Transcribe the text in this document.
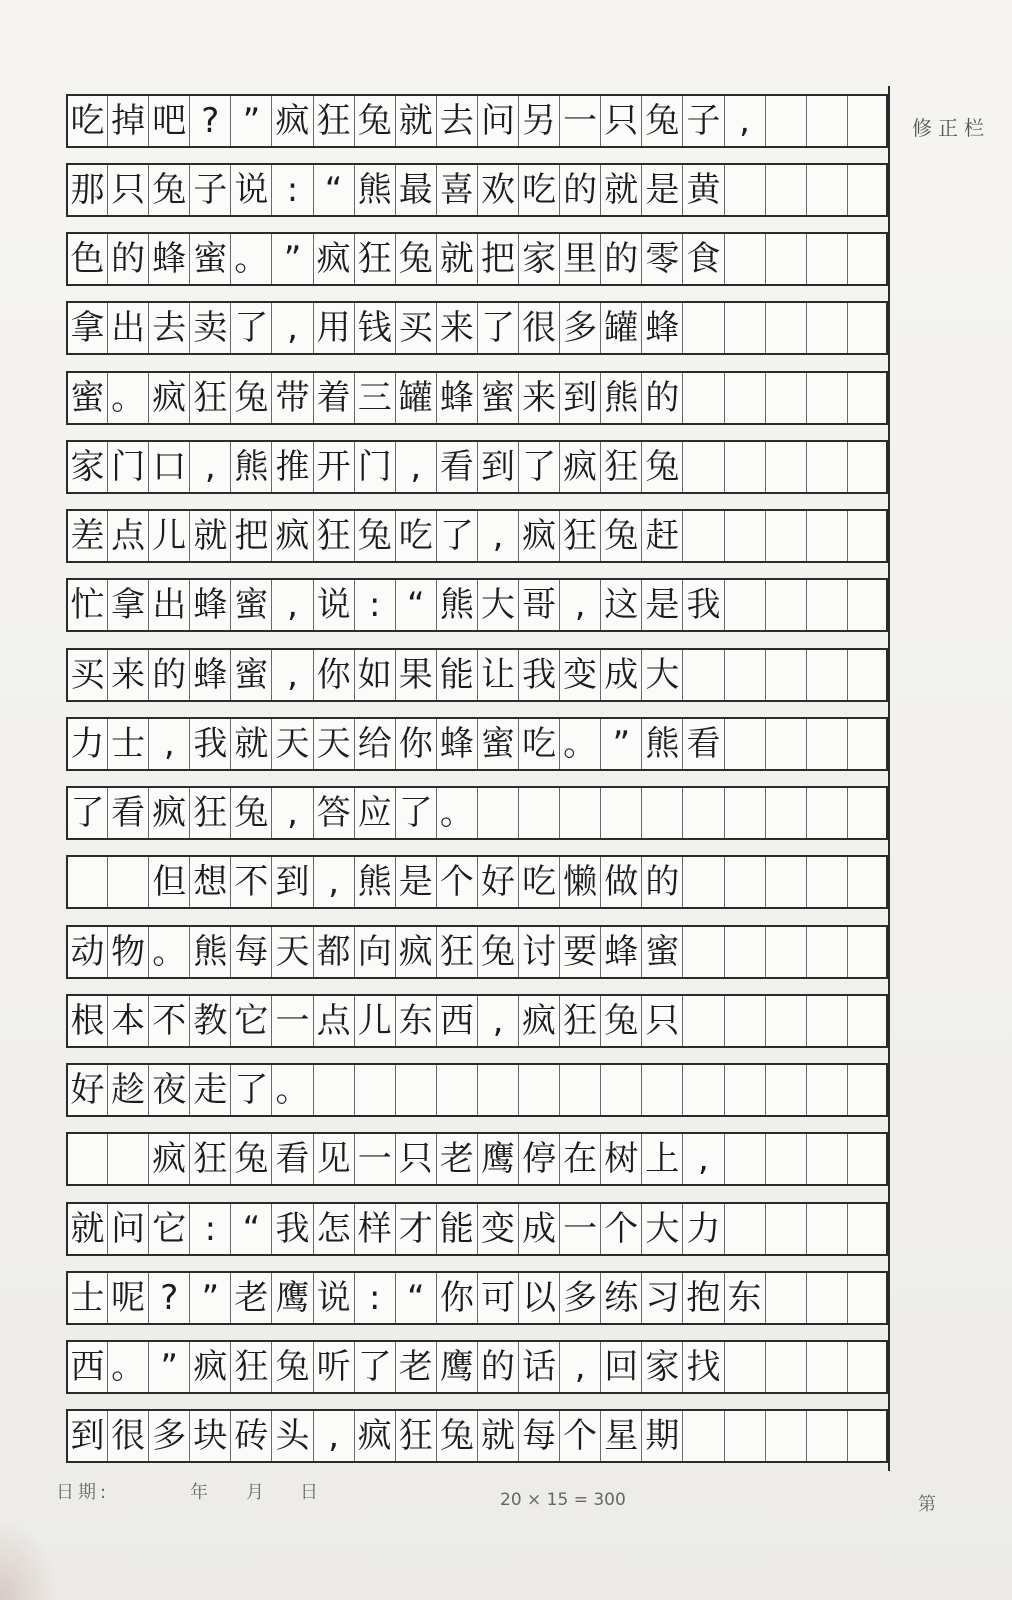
修正栏
吃 掉 吧 ? ” 疯 狂 兔 就 去 问 另 一 只 兔 子 ,
那 只 兔 子 说 : “ 熊 最 喜 欢 吃 的 就 是 黄
色 的 蜂 蜜 。 ” 疯 狂 兔 就 把 家 里 的 零 食
拿 出 去 卖 了 , 用 钱 买 来 了 很 多 罐 蜂
蜜 。 疯 狂 兔 带 着 三 罐 蜂 蜜 来 到 熊 的
家 门 口 , 熊 推 开 门 , 看 到 了 疯 狂 兔
差 点 儿 就 把 疯 狂 兔 吃 了 , 疯 狂 兔 赶
忙 拿 出 蜂 蜜 , 说 : “ 熊 大 哥 , 这 是 我
买 来 的 蜂 蜜 , 你 如 果 能 让 我 变 成 大
力 士 , 我 就 天 天 给 你 蜂 蜜 吃 。 ” 熊 看
了 看 疯 狂 兔 , 答 应 了 。
但 想 不 到 , 熊 是 个 好 吃 懒 做 的
动 物 。 熊 每 天 都 向 疯 狂 兔 讨 要 蜂 蜜
根 本 不 教 它 一 点 儿 东 西 , 疯 狂 兔 只
好 趁 夜 走 了 。
疯 狂 兔 看 见 一 只 老 鹰 停 在 树 上 ,
就 问 它 : “ 我 怎 样 才 能 变 成 一 个 大 力
士 呢 ? ” 老 鹰 说 : “ 你 可 以 多 练 习 抱 东
西 。 ” 疯 狂 兔 听 了 老 鹰 的 话 , 回 家 找
到 很 多 块 砖 头 , 疯 狂 兔 就 每 个 星 期
日期:	年 月 日	20 × 15 = 300	第
